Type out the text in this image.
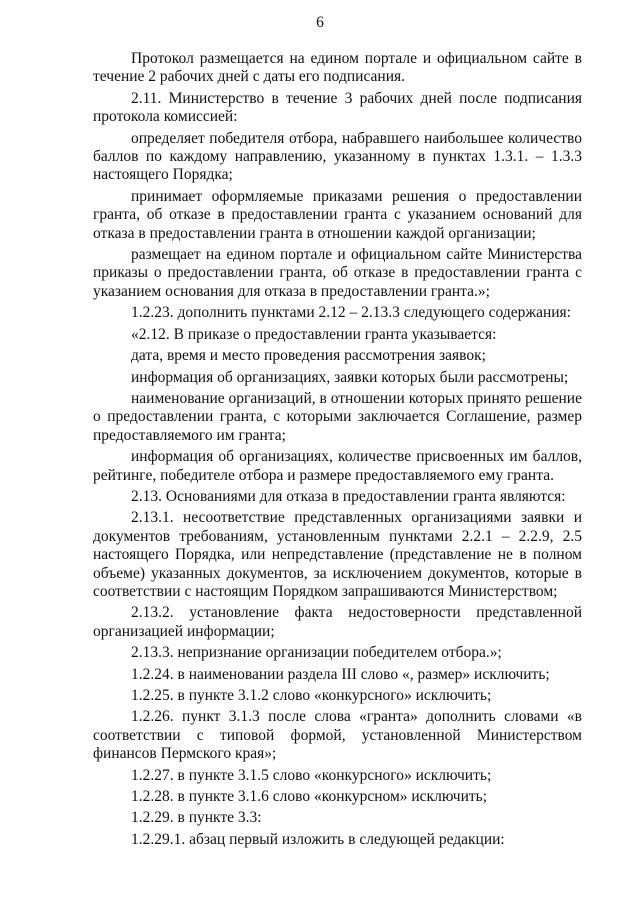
6

Протокол размещается на едином портале и официальном сайте в течение 2 рабочих дней с даты его подписания.

2.11. Министерство в течение 3 рабочих дней после подписания протокола комиссией:

определяет победителя отбора, набравшего наибольшее количество баллов по каждому направлению, указанному в пунктах 1.3.1. – 1.3.3 настоящего Порядка;

принимает оформляемые приказами решения о предоставлении гранта, об отказе в предоставлении гранта с указанием оснований для отказа в предоставлении гранта в отношении каждой организации;

размещает на едином портале и официальном сайте Министерства приказы о предоставлении гранта, об отказе в предоставлении гранта с указанием основания для отказа в предоставлении гранта.»;

1.2.23. дополнить пунктами 2.12 – 2.13.3 следующего содержания:

«2.12. В приказе о предоставлении гранта указывается:

дата, время и место проведения рассмотрения заявок;

информация об организациях, заявки которых были рассмотрены;

наименование организаций, в отношении которых принято решение о предоставлении гранта, с которыми заключается Соглашение, размер предоставляемого им гранта;

информация об организациях, количестве присвоенных им баллов, рейтинге, победителе отбора и размере предоставляемого ему гранта.

2.13. Основаниями для отказа в предоставлении гранта являются:

2.13.1. несоответствие представленных организациями заявки и документов требованиям, установленным пунктами 2.2.1 – 2.2.9, 2.5 настоящего Порядка, или непредставление (представление не в полном объеме) указанных документов, за исключением документов, которые в соответствии с настоящим Порядком запрашиваются Министерством;

2.13.2. установление факта недостоверности представленной организацией информации;

2.13.3. непризнание организации победителем отбора.»;

1.2.24. в наименовании раздела III слово «, размер» исключить;

1.2.25. в пункте 3.1.2 слово «конкурсного» исключить;

1.2.26. пункт 3.1.3 после слова «гранта» дополнить словами «в соответствии с типовой формой, установленной Министерством финансов Пермского края»;

1.2.27. в пункте 3.1.5 слово «конкурсного» исключить;

1.2.28. в пункте 3.1.6 слово «конкурсном» исключить;

1.2.29. в пункте 3.3:

1.2.29.1. абзац первый изложить в следующей редакции:
